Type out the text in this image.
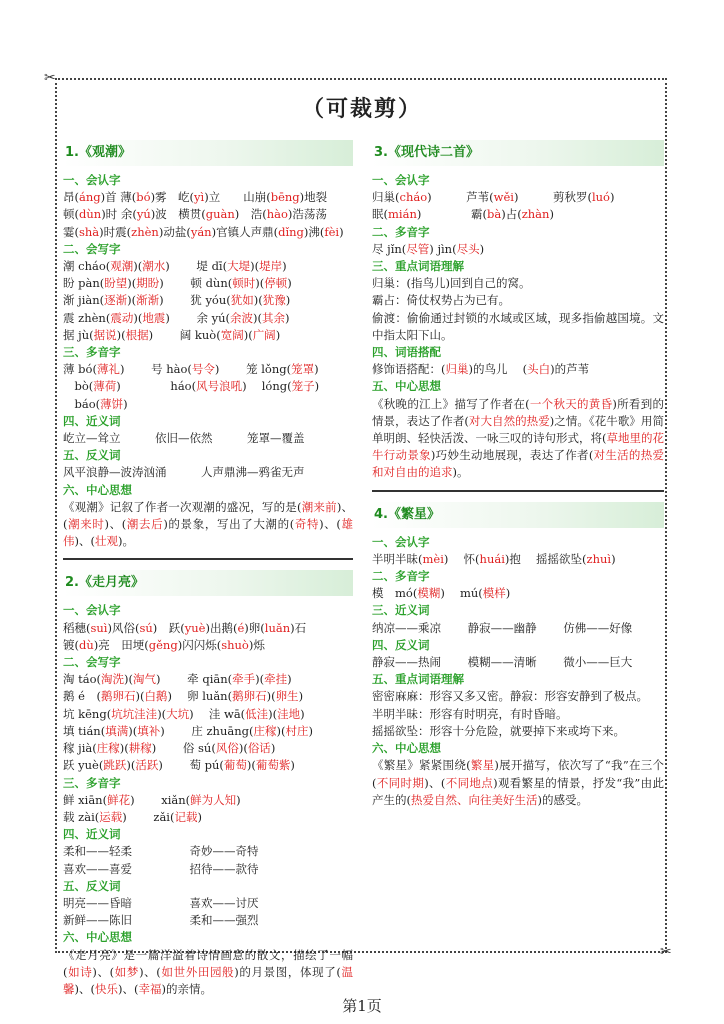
✂
✂
（可裁剪）
1.《观潮》
一、会认字
昂(áng)首 薄(bó)雾　屹(yì)立　　山崩(bēng)地裂
顿(dùn)时 余(yú)波　横贯(guàn)　浩(hào)浩荡荡
霎(shà)时震(zhèn)动盐(yán)官镇人声鼎(dǐng)沸(fèi)
二、会写字
潮 cháo(观潮)(潮水)　　 堤 dī(大堤)(堤岸)
盼 pàn(盼望)(期盼)　　 顿 dùn(顿时)(停顿)
渐 jiàn(逐渐)(渐渐)　　 犹 yóu(犹如)(犹豫)
震 zhèn(震动)(地震)　　 余 yú(余波)(其余)
据 jù(据说)(根据)　　 阔 kuò(宽阔)(广阔)
三、多音字
薄 bó(薄礼)　　 号 hào(号令)　　 笼 lǒng(笼罩)
　bò(薄荷)　　　　 háo(风号浪吼)　 lóng(笼子)
　báo(薄饼)
四、近义词
屹立—耸立　　　依旧—依然　　　笼罩—覆盖
五、反义词
风平浪静—波涛汹涌　　　人声鼎沸—鸦雀无声
六、中心思想
《观潮》记叙了作者一次观潮的盛况，写的是(潮来前)、(潮来时)、(潮去后)的景象，写出了大潮的(奇特)、(雄伟)、(壮观)。
2.《走月亮》
一、会认字
稻穗(suì)风俗(sú)　跃(yuè)出鹅(é)卵(luǎn)石
镀(dù)亮　田埂(gěng)闪闪烁(shuò)烁
二、会写字
淘 táo(淘洗)(淘气)　　 牵 qiān(牵手)(牵挂)
鹅 é　(鹅卵石)(白鹅)　 卵 luǎn(鹅卵石)(卵生)
坑 kēng(坑坑洼洼)(大坑)　 洼 wā(低洼)(洼地)
填 tián(填满)(填补)　　 庄 zhuāng(庄稼)(村庄)
稼 jià(庄稼)(耕稼)　　 俗 sú(风俗)(俗话)
跃 yuè(跳跃)(活跃)　　 萄 pú(葡萄)(葡萄紫)
三、多音字
鲜 xiān(鲜花)　　 xiǎn(鲜为人知)
载 zài(运载)　　 zǎi(记载)
四、近义词
柔和——轻柔　　　　　奇妙——奇特
喜欢——喜爱　　　　　招待——款待
五、反义词
明亮——昏暗　　　　　喜欢——讨厌
新鲜——陈旧　　　　　柔和——强烈
六、中心思想
《走月亮》是一篇洋溢着诗情画意的散文，描绘了一幅(如诗)、(如梦)、(如世外田园般)的月景图，体现了(温馨)、(快乐)、(幸福)的亲情。
3.《现代诗二首》
一、会认字
归巢(cháo)　　　芦苇(wěi)　　　剪秋罗(luó)
眠(mián)　　　　 霸(bà)占(zhàn)
二、多音字
尽 jǐn(尽管) jìn(尽头)
三、重点词语理解
归巢：(指鸟儿)回到自己的窝。
霸占：倚仗权势占为已有。
偷渡：偷偷通过封锁的水域或区域，现多指偷越国境。文中指太阳下山。
四、词语搭配
修饰语搭配：(归巢)的鸟儿　 (头白)的芦苇
五、中心思想
《秋晚的江上》描写了作者在(一个秋天的黄昏)所看到的情景，表达了作者(对大自然的热爱)之情。《花牛歌》用简单明朗、轻快活泼、一咏三叹的诗句形式，将(草地里的花牛行动景象)巧妙生动地展现，表达了作者(对生活的热爱和对自由的追求)。
4.《繁星》
一、会认字
半明半昧(mèi)　 怀(huái)抱　 摇摇欲坠(zhuì)
二、多音字
模　mó(模糊)　 mú(模样)
三、近义词
纳凉——乘凉　　 静寂——幽静　　 仿佛——好像
四、反义词
静寂——热闹　　 模糊——清晰　　 微小——巨大
五、重点词语理解
密密麻麻：形容又多又密。静寂：形容安静到了极点。
半明半昧：形容有时明亮，有时昏暗。
摇摇欲坠：形容十分危险，就要掉下来或垮下来。
六、中心思想
《繁星》紧紧围绕(繁星)展开描写，依次写了“我”在三个(不同时期)、(不同地点)观看繁星的情景，抒发“我”由此产生的(热爱自然、向往美好生活)的感受。
第1页
